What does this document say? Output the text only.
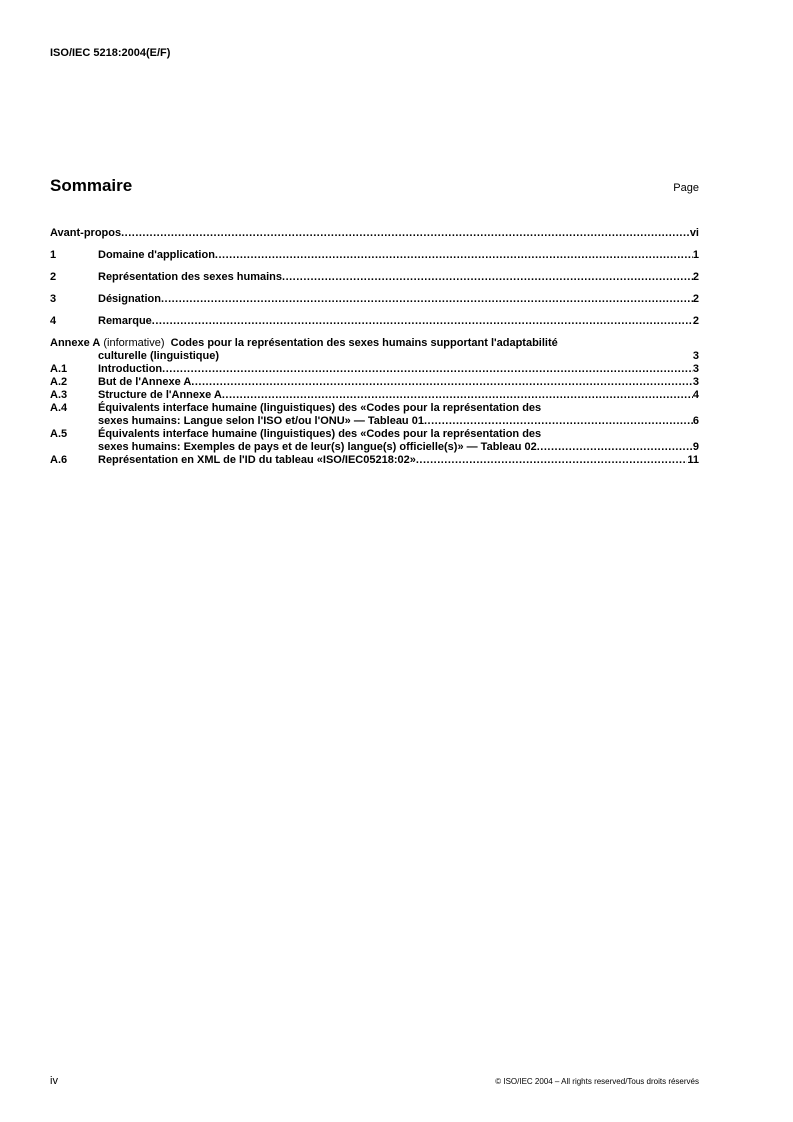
ISO/IEC 5218:2004(E/F)
Sommaire	Page
Avant-propos .....	vi
1	Domaine d'application .....	1
2	Représentation des sexes humains .....	2
3	Désignation .....	2
4	Remarque .....	2
Annexe A
(informative)
Codes pour la représentation des sexes humains supportant l'adaptabilité
culturelle (linguistique)	3
A.1	Introduction .....	3
A.2	But de l'Annexe A .....	3
A.3	Structure de l'Annexe A .....	4
A.4	Équivalents interface humaine (linguistiques) des «Codes pour la représentation des
sexes humains: Langue selon l'ISO et/ou l'ONU» — Tableau 01 .....	6
A.5	Équivalents interface humaine (linguistiques) des «Codes pour la représentation des
sexes humains: Exemples de pays et de leur(s) langue(s) officielle(s)» — Tableau 02 .....	9
A.6	Représentation en XML de l'ID du tableau «ISO/IEC05218:02» .....	11
iv	© ISO/IEC 2004 – All rights reserved/Tous droits réservés
